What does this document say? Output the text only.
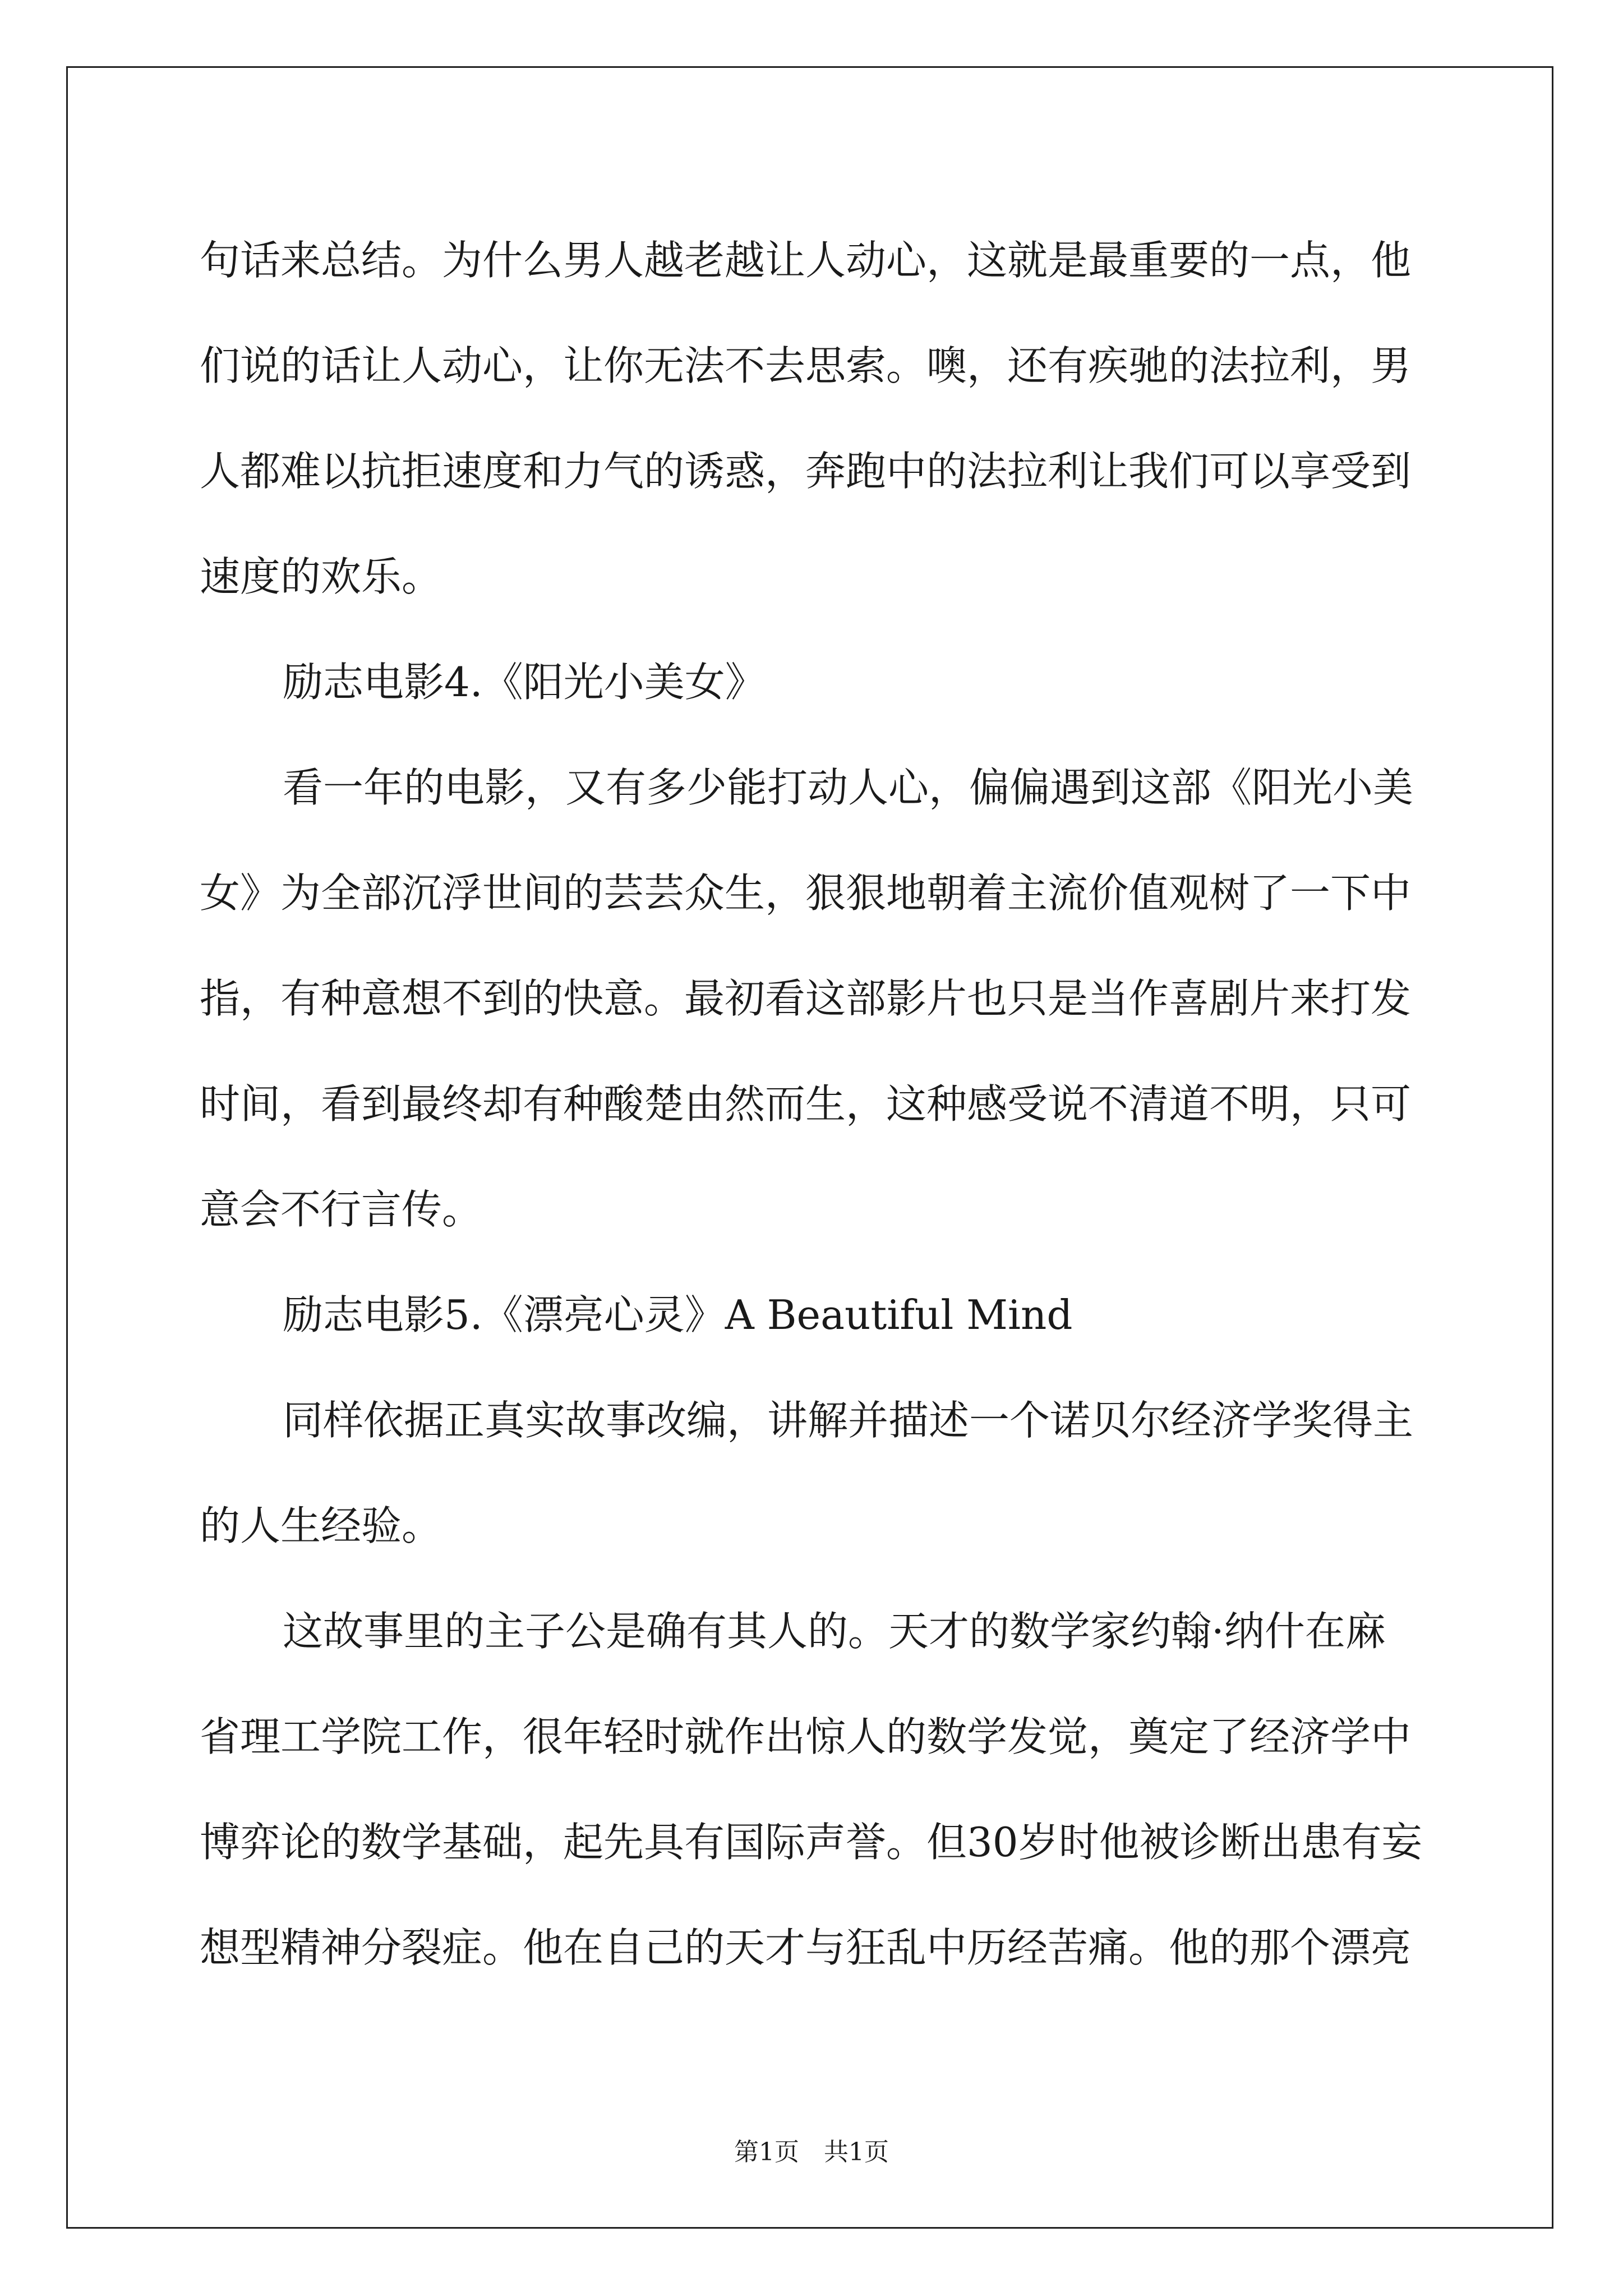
句话来总结。为什么男人越老越让人动心，这就是最重要的一点，他
们说的话让人动心，让你无法不去思索。噢，还有疾驰的法拉利，男
人都难以抗拒速度和力气的诱惑，奔跑中的法拉利让我们可以享受到
速度的欢乐。
励志电影4.《阳光小美女》
看一年的电影，又有多少能打动人心，偏偏遇到这部《阳光小美
女》为全部沉浮世间的芸芸众生，狠狠地朝着主流价值观树了一下中
指，有种意想不到的快意。最初看这部影片也只是当作喜剧片来打发
时间，看到最终却有种酸楚由然而生，这种感受说不清道不明，只可
意会不行言传。
励志电影5.《漂亮心灵》A Beautiful Mind
同样依据正真实故事改编，讲解并描述一个诺贝尔经济学奖得主
的人生经验。
这故事里的主子公是确有其人的。天才的数学家约翰·纳什在麻
省理工学院工作，很年轻时就作出惊人的数学发觉，奠定了经济学中
博弈论的数学基础，起先具有国际声誉。但30岁时他被诊断出患有妄
想型精神分裂症。他在自己的天才与狂乱中历经苦痛。他的那个漂亮
第1页　共1页
